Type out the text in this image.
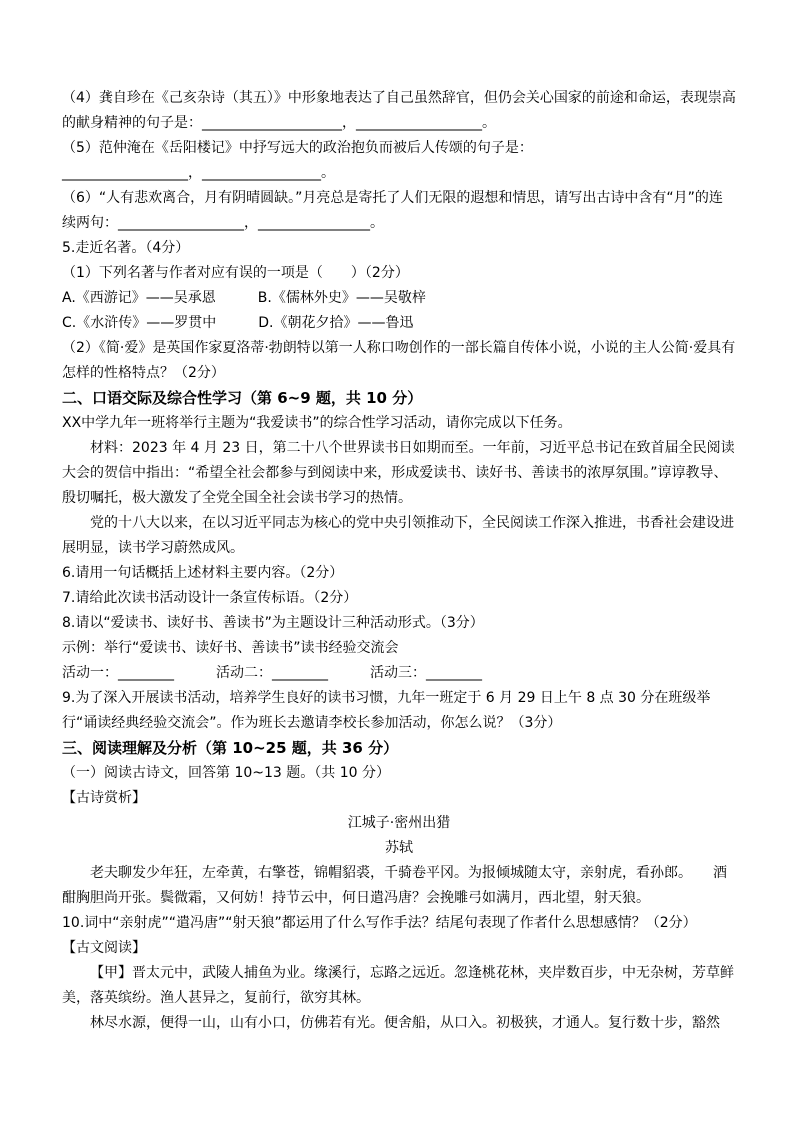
（4）龚自珍在《己亥杂诗（其五）》中形象地表达了自己虽然辞官，但仍会关心国家的前途和命运，表现崇高的献身精神的句子是：____________________，__________________。

（5）范仲淹在《岳阳楼记》中抒写远大的政治抱负而被后人传颂的句子是：

__________________，_________________。

（6）“人有悲欢离合，月有阴晴圆缺。”月亮总是寄托了人们无限的遐想和情思，请写出古诗中含有“月”的连续两句：__________________，________________。

5.走近名著。（4分）

（1）下列名著与作者对应有误的一项是（　　）（2分）

A.《西游记》——吴承恩　　　B.《儒林外史》——吴敬梓

C.《水浒传》——罗贯中　　　D.《朝花夕拾》——鲁迅

（2）《简·爱》是英国作家夏洛蒂·勃朗特以第一人称口吻创作的一部长篇自传体小说，小说的主人公简·爱具有怎样的性格特点？（2分）

二、口语交际及综合性学习（第 6~9 题，共 10 分）

XX中学九年一班将举行主题为“我爱读书”的综合性学习活动，请你完成以下任务。

材料：2023 年 4 月 23 日，第二十八个世界读书日如期而至。一年前，习近平总书记在致首届全民阅读大会的贺信中指出：“希望全社会都参与到阅读中来，形成爱读书、读好书、善读书的浓厚氛围。”谆谆教导、殷切嘱托，极大激发了全党全国全社会读书学习的热情。

党的十八大以来，在以习近平同志为核心的党中央引领推动下，全民阅读工作深入推进，书香社会建设进展明显，读书学习蔚然成风。

6.请用一句话概括上述材料主要内容。（2分）

7.请给此次读书活动设计一条宣传标语。（2分）

8.请以“爱读书、读好书、善读书”为主题设计三种活动形式。（3分）

示例：举行“爱读书、读好书、善读书”读书经验交流会

活动一：________　　　活动二：________　　　活动三：________

9.为了深入开展读书活动，培养学生良好的读书习惯，九年一班定于 6 月 29 日上午 8 点 30 分在班级举行“诵读经典经验交流会”。作为班长去邀请李校长参加活动，你怎么说？（3分）

三、阅读理解及分析（第 10~25 题，共 36 分）

（一）阅读古诗文，回答第 10~13 题。（共 10 分）

【古诗赏析】

江城子·密州出猎

苏轼

老夫聊发少年狂，左牵黄，右擎苍，锦帽貂裘，千骑卷平冈。为报倾城随太守，亲射虎，看孙郎。　　酒酣胸胆尚开张。鬓微霜，又何妨！持节云中，何日遣冯唐？会挽雕弓如满月，西北望，射天狼。

10.词中“亲射虎”“遣冯唐”“射天狼”都运用了什么写作手法？结尾句表现了作者什么思想感情？（2分）

【古文阅读】

【甲】晋太元中，武陵人捕鱼为业。缘溪行，忘路之远近。忽逢桃花林，夹岸数百步，中无杂树，芳草鲜美，落英缤纷。渔人甚异之，复前行，欲穷其林。

林尽水源，便得一山，山有小口，仿佛若有光。便舍船，从口入。初极狭，才通人。复行数十步，豁然
